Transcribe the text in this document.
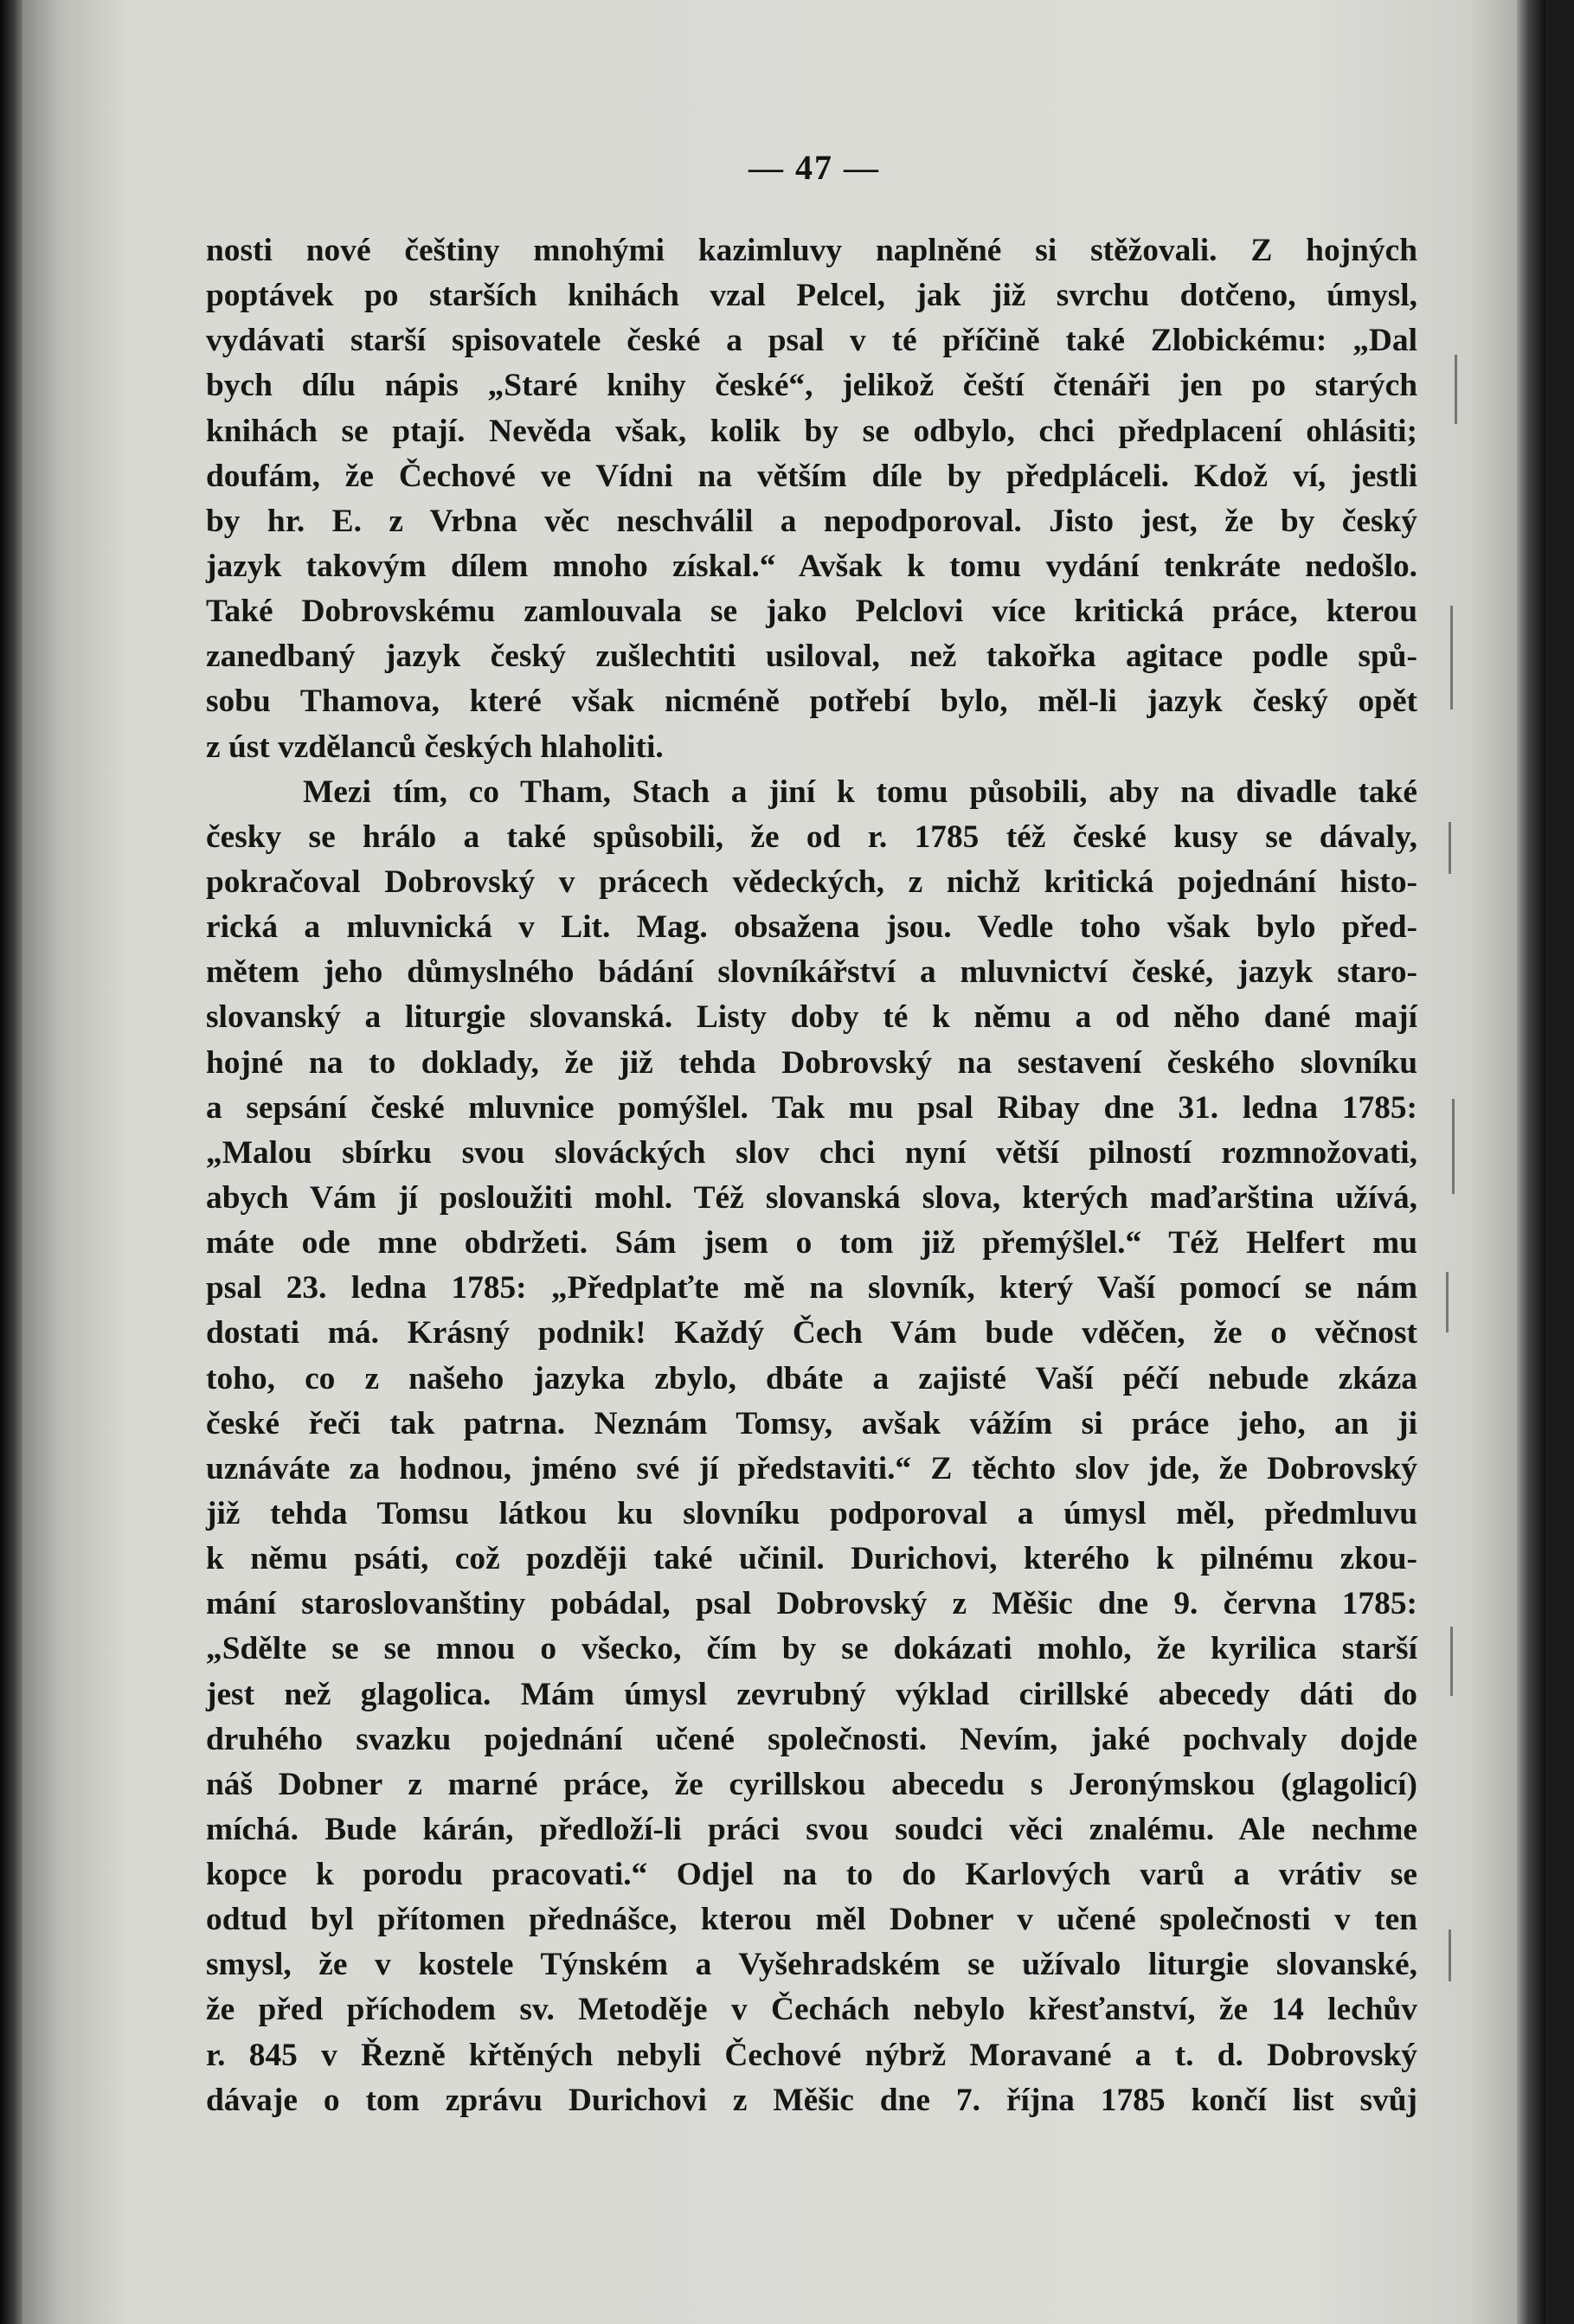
— 47 —
nosti nové češtiny mnohými kazimluvy naplněné si stěžovali. Z hojných
poptávek po starších knihách vzal Pelcel, jak již svrchu dotčeno, úmysl,
vydávati starší spisovatele české a psal v té příčině také Zlobickému: „Dal
bych dílu nápis „Staré knihy české“, jelikož čeští čtenáři jen po starých
knihách se ptají. Nevěda však, kolik by se odbylo, chci předplacení ohlásiti;
doufám, že Čechové ve Vídni na větším díle by předpláceli. Kdož ví, jestli
by hr. E. z Vrbna věc neschválil a nepodporoval. Jisto jest, že by český
jazyk takovým dílem mnoho získal.“ Avšak k tomu vydání tenkráte nedošlo.
Také Dobrovskému zamlouvala se jako Pelclovi více kritická práce, kterou
zanedbaný jazyk český zušlechtiti usiloval, než takořka agitace podle spů-
sobu Thamova, které však nicméně potřebí bylo, měl-li jazyk český opět
z úst vzdělanců českých hlaholiti.
Mezi tím, co Tham, Stach a jiní k tomu působili, aby na divadle také
česky se hrálo a také spůsobili, že od r. 1785 též české kusy se dávaly,
pokračoval Dobrovský v prácech vědeckých, z nichž kritická pojednání histo-
rická a mluvnická v Lit. Mag. obsažena jsou. Vedle toho však bylo před-
mětem jeho důmyslného bádání slovníkářství a mluvnictví české, jazyk staro-
slovanský a liturgie slovanská. Listy doby té k němu a od něho dané mají
hojné na to doklady, že již tehda Dobrovský na sestavení českého slovníku
a sepsání české mluvnice pomýšlel. Tak mu psal Ribay dne 31. ledna 1785:
„Malou sbírku svou slováckých slov chci nyní větší pilností rozmnožovati,
abych Vám jí posloužiti mohl. Též slovanská slova, kterých maďarština užívá,
máte ode mne obdržeti. Sám jsem o tom již přemýšlel.“ Též Helfert mu
psal 23. ledna 1785: „Předplaťte mě na slovník, který Vaší pomocí se nám
dostati má. Krásný podnik! Každý Čech Vám bude vděčen, že o věčnost
toho, co z našeho jazyka zbylo, dbáte a zajisté Vaší péčí nebude zkáza
české řeči tak patrna. Neznám Tomsy, avšak vážím si práce jeho, an ji
uznáváte za hodnou, jméno své jí představiti.“ Z těchto slov jde, že Dobrovský
již tehda Tomsu látkou ku slovníku podporoval a úmysl měl, předmluvu
k němu psáti, což později také učinil. Durichovi, kterého k pilnému zkou-
mání staroslovanštiny pobádal, psal Dobrovský z Měšic dne 9. června 1785:
„Sdělte se se mnou o všecko, čím by se dokázati mohlo, že kyrilica starší
jest než glagolica. Mám úmysl zevrubný výklad cirillské abecedy dáti do
druhého svazku pojednání učené společnosti. Nevím, jaké pochvaly dojde
náš Dobner z marné práce, že cyrillskou abecedu s Jeronýmskou (glagolicí)
míchá. Bude kárán, předloží-li práci svou soudci věci znalému. Ale nechme
kopce k porodu pracovati.“ Odjel na to do Karlových varů a vrátiv se
odtud byl přítomen přednášce, kterou měl Dobner v učené společnosti v ten
smysl, že v kostele Týnském a Vyšehradském se užívalo liturgie slovanské,
že před příchodem sv. Metoděje v Čechách nebylo křesťanství, že 14 lechův
r. 845 v Řezně křtěných nebyli Čechové nýbrž Moravané a t. d. Dobrovský
dávaje o tom zprávu Durichovi z Měšic dne 7. října 1785 končí list svůj
